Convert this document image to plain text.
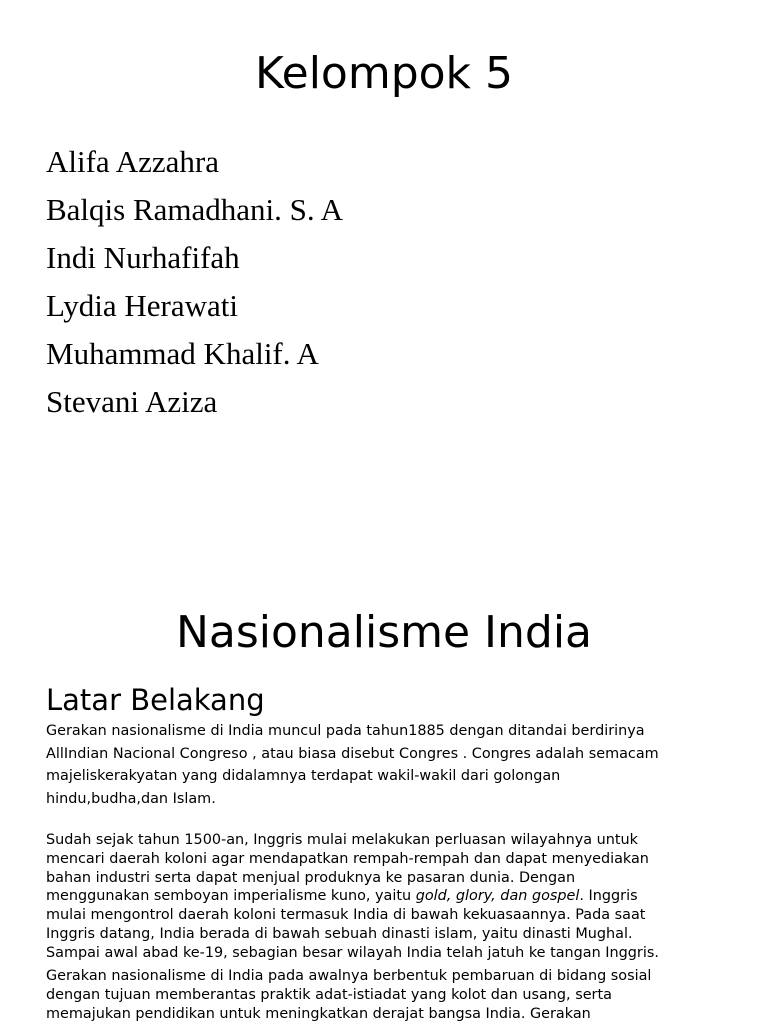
Kelompok 5
Alifa Azzahra
Balqis Ramadhani. S. A
Indi Nurhafifah
Lydia Herawati
Muhammad Khalif. A
Stevani Aziza
Nasionalisme India
Latar Belakang

Gerakan nasionalisme di India muncul pada tahun1885 dengan ditandai berdirinya
AllIndian Nacional Congreso , atau biasa disebut Congres . Congres adalah semacam
majeliskerakyatan yang didalamnya terdapat wakil-wakil dari golongan
hindu,budha,dan Islam.

Sudah sejak tahun 1500-an, Inggris mulai melakukan perluasan wilayahnya untuk
mencari daerah koloni agar mendapatkan rempah-rempah dan dapat menyediakan
bahan industri serta dapat menjual produknya ke pasaran dunia. Dengan
menggunakan semboyan imperialisme kuno, yaitu gold, glory, dan gospel. Inggris
mulai mengontrol daerah koloni termasuk India di bawah kekuasaannya. Pada saat
Inggris datang, India berada di bawah sebuah dinasti islam, yaitu dinasti Mughal.
Sampai awal abad ke-19, sebagian besar wilayah India telah jatuh ke tangan Inggris.

Gerakan nasionalisme di India pada awalnya berbentuk pembaruan di bidang sosial
dengan tujuan memberantas praktik adat-istiadat yang kolot dan usang, serta
memajukan pendidikan untuk meningkatkan derajat bangsa India. Gerakan
